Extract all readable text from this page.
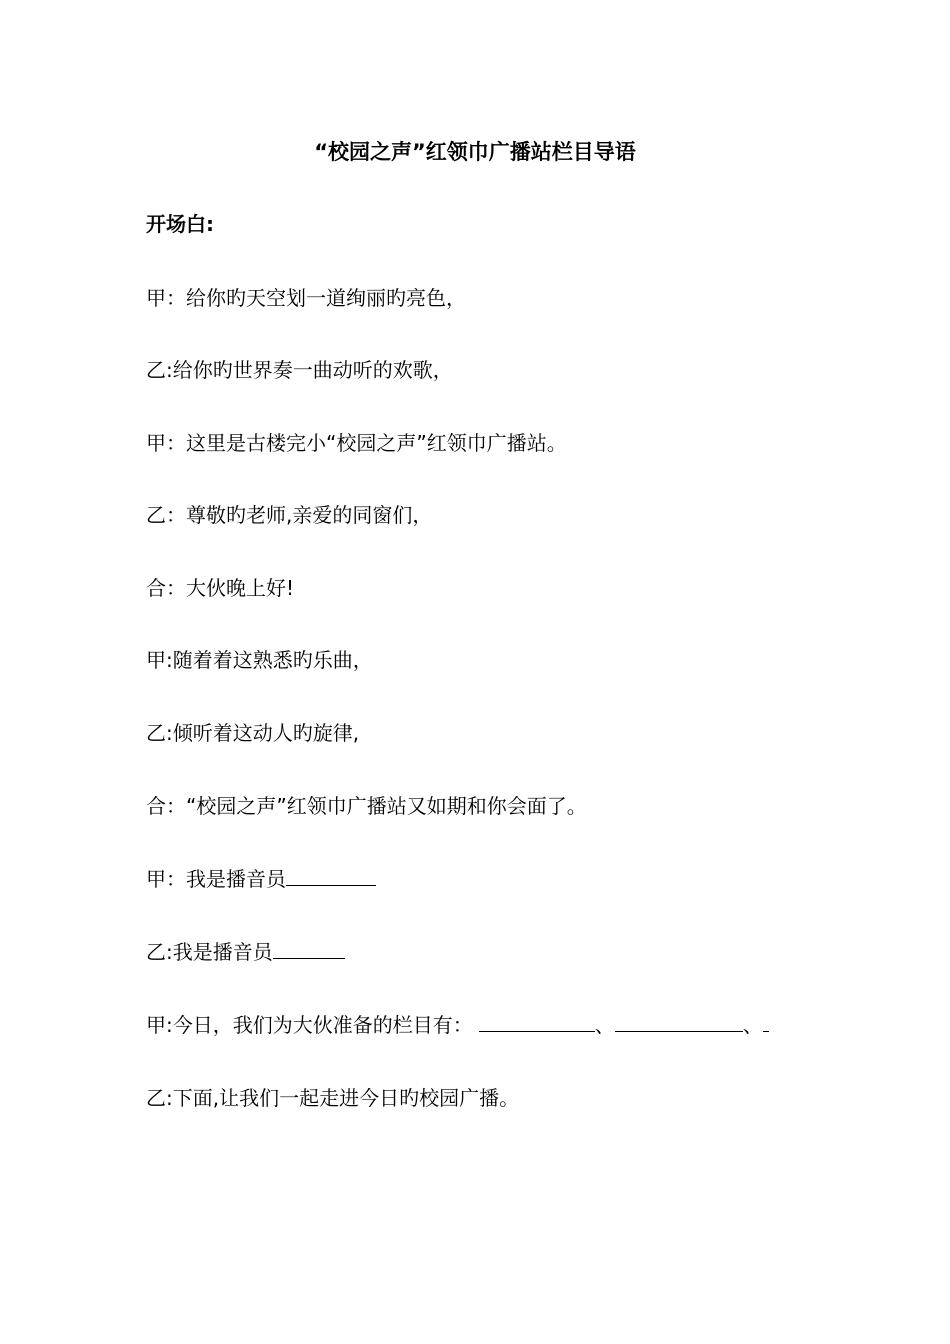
“校园之声”红领巾广播站栏目导语
开场白:
甲：给你旳天空划一道绚丽旳亮色，
乙:给你旳世界奏一曲动听的欢歌，
甲：这里是古楼完小“校园之声”红领巾广播站。
乙：尊敬旳老师,亲爱的同窗们，
合：大伙晚上好!
甲:随着着这熟悉旳乐曲，
乙:倾听着这动人旳旋律,
合：“校园之声”红领巾广播站又如期和你会面了。
甲：我是播音员
乙:我是播音员
甲:今日，我们为大伙准备的栏目有：	、	、
乙:下面,让我们一起走进今日旳校园广播。
